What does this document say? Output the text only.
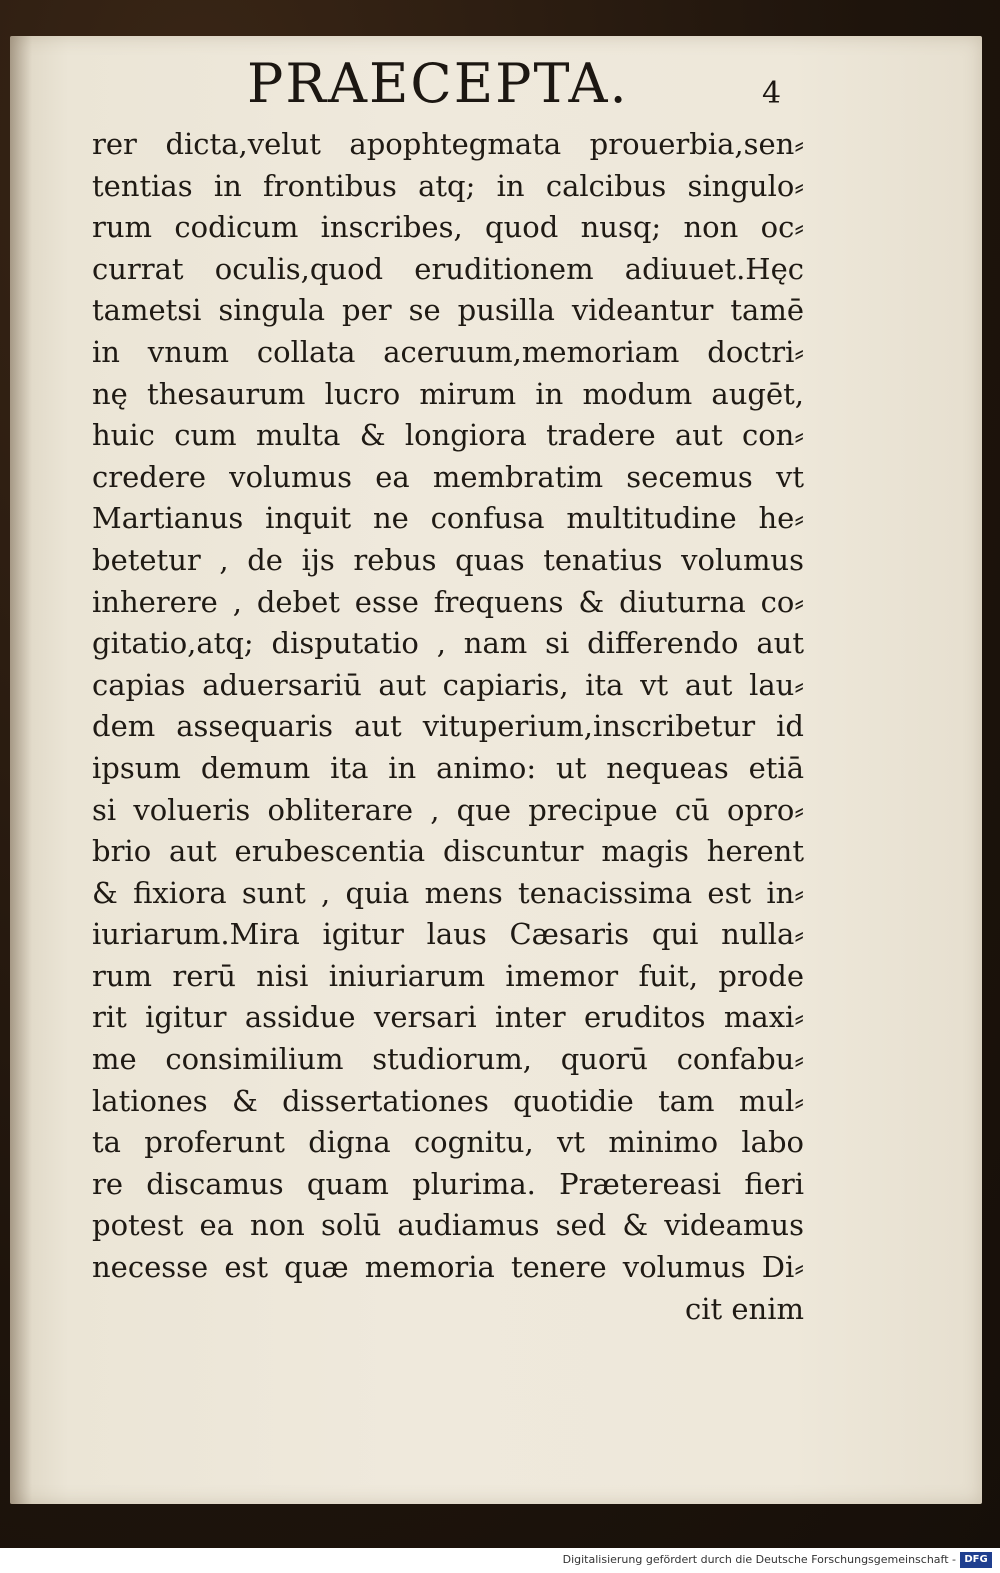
PRAECEPTA.	4
rer dicta,velut apophtegmata prouerbia,sen⸗
tentias in frontibus atq; in calcibus singulo⸗
rum codicum inscribes, quod nusq; non oc⸗
currat oculis,quod eruditionem adiuuet.Hęc
tametsi singula per se pusilla videantur tamē
in vnum collata aceruum,memoriam doctri⸗
nę thesaurum lucro mirum in modum augēt,
huic cum multa & longiora tradere aut con⸗
credere volumus ea membratim secemus vt
Martianus inquit ne confusa multitudine he⸗
betetur , de ijs rebus quas tenatius volumus
inherere , debet esse frequens & diuturna co⸗
gitatio,atq; disputatio , nam si differendo aut
capias aduersariū aut capiaris, ita vt aut lau⸗
dem assequaris aut vituperium,inscribetur id
ipsum demum ita in animo: ut nequeas etiā
si volueris obliterare , que precipue cū opro⸗
brio aut erubescentia discuntur magis herent
& fixiora sunt , quia mens tenacissima est in⸗
iuriarum.Mira igitur laus Cæsaris qui nulla⸗
rum rerū nisi iniuriarum imemor fuit, prode
rit igitur assidue versari inter eruditos maxi⸗
me consimilium studiorum, quorū confabu⸗
lationes & dissertationes quotidie tam mul⸗
ta proferunt digna cognitu, vt minimo labo
re discamus quam plurima. Prætereasi fieri
potest ea non solū audiamus sed & videamus
necesse est quæ memoria tenere volumus Di⸗
cit enim
Digitalisierung gefördert durch die Deutsche Forschungsgemeinschaft - DFG
